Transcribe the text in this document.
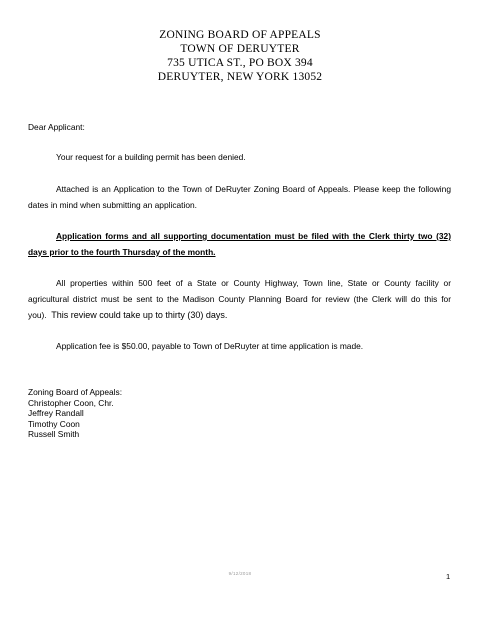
ZONING BOARD OF APPEALS
TOWN OF DERUYTER
735 UTICA ST., PO BOX 394
DERUYTER, NEW YORK 13052
Dear Applicant:
Your request for a building permit has been denied.
Attached is an Application to the Town of DeRuyter Zoning Board of Appeals. Please keep the following dates in mind when submitting an application.
Application forms and all supporting documentation must be filed with the Clerk thirty two (32) days prior to the fourth Thursday of the month.
All properties within 500 feet of a State or County Highway, Town line, State or County facility or agricultural district must be sent to the Madison County Planning Board for review (the Clerk will do this for you). This review could take up to thirty (30) days.
Application fee is $50.00, payable to Town of DeRuyter at time application is made.
Zoning Board of Appeals:
Christopher Coon, Chr.
Jeffrey Randall
Timothy Coon
Russell Smith
9/12/2018	1
